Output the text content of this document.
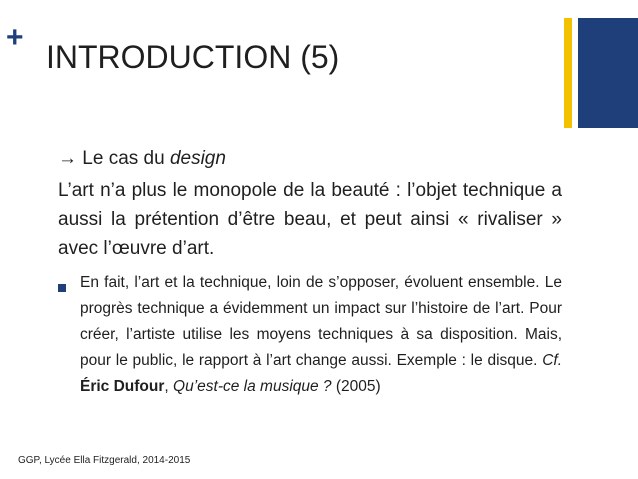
+
INTRODUCTION (5)
→ Le cas du design

L’art n’a plus le monopole de la beauté : l’objet technique a aussi la prétention d’être beau, et peut ainsi « rivaliser » avec l’œuvre d’art.

En fait, l’art et la technique, loin de s’opposer, évoluent ensemble. Le progrès technique a évidemment un impact sur l’histoire de l’art. Pour créer, l’artiste utilise les moyens techniques à sa disposition. Mais, pour le public, le rapport à l’art change aussi. Exemple : le disque. Cf. Éric Dufour, Qu’est-ce la musique ? (2005)

GGP, Lycée Ella Fitzgerald, 2014-2015
